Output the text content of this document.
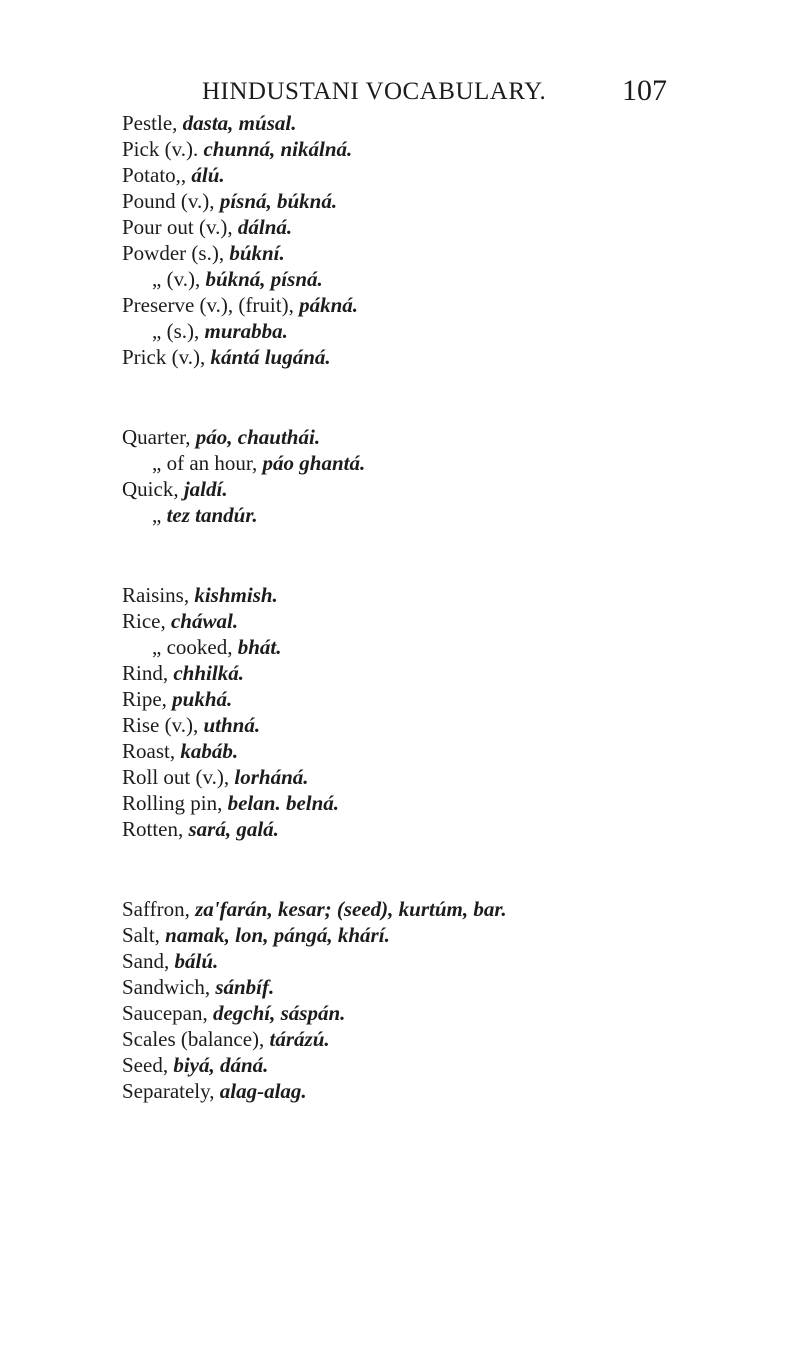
HINDUSTANI VOCABULARY.	107
Pestle, dasta, músal.
Pick (v.). chunná, nikálná.
Potato,, álú.
Pound (v.), písná, búkná.
Pour out (v.), dálná.
Powder (s.), búkní.
„ (v.), búkná, písná.
Preserve (v.), (fruit), pákná.
„ (s.), murabba.
Prick (v.), kántá lugáná.
Quarter, páo, chauthái.
„ of an hour, páo ghantá.
Quick, jaldí.
„ tez tandúr.
Raisins, kishmish.
Rice, cháwal.
„ cooked, bhát.
Rind, chhilká.
Ripe, pukhá.
Rise (v.), uthná.
Roast, kabáb.
Roll out (v.), lorháná.
Rolling pin, belan. belná.
Rotten, sará, galá.
Saffron, za'farán, kesar; (seed), kurtúm, bar.
Salt, namak, lon, pángá, khárí.
Sand, bálú.
Sandwich, sánbíf.
Saucepan, degchí, sáspán.
Scales (balance), tárázú.
Seed, biyá, dáná.
Separately, alag-alag.
